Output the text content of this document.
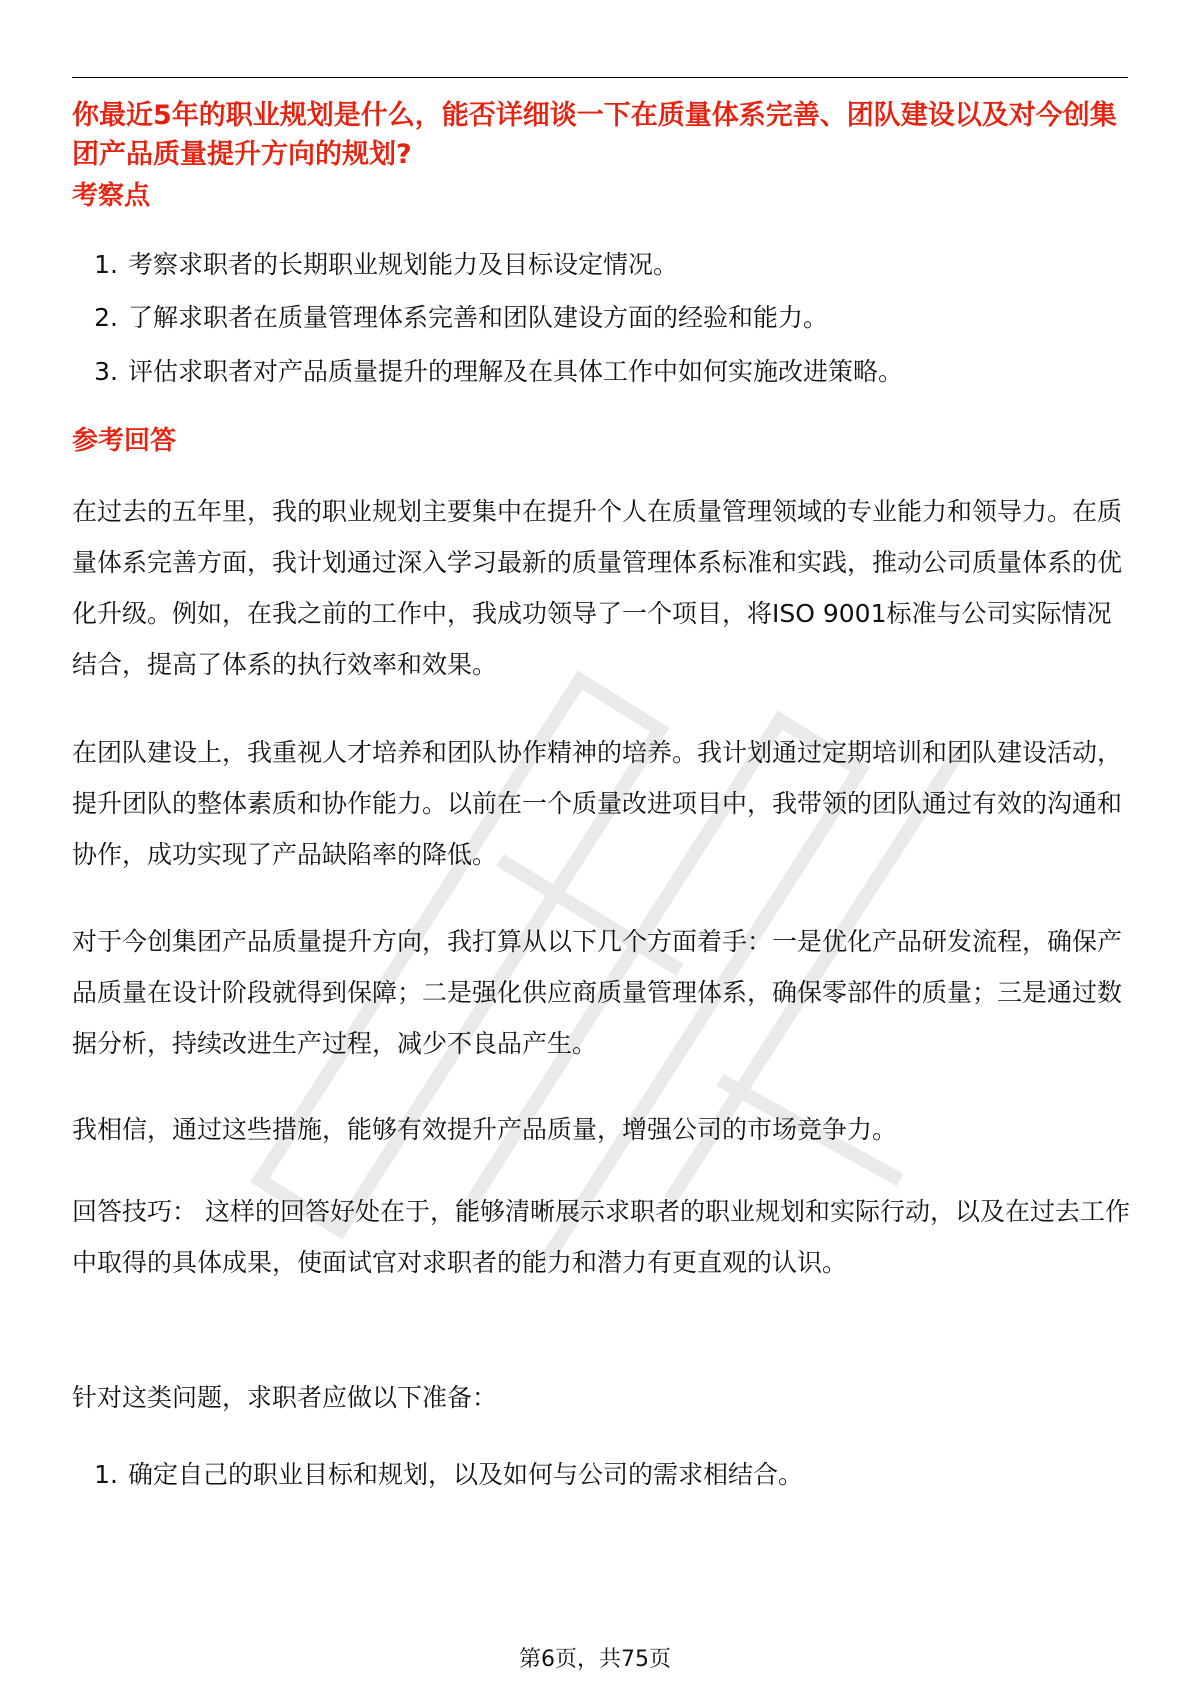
你最近5年的职业规划是什么，能否详细谈一下在质量体系完善、团队建设以及对今创集团产品质量提升方向的规划?
考察点
1. 考察求职者的长期职业规划能力及目标设定情况。
2. 了解求职者在质量管理体系完善和团队建设方面的经验和能力。
3. 评估求职者对产品质量提升的理解及在具体工作中如何实施改进策略。
参考回答
在过去的五年里，我的职业规划主要集中在提升个人在质量管理领域的专业能力和领导力。在质量体系完善方面，我计划通过深入学习最新的质量管理体系标准和实践，推动公司质量体系的优化升级。例如，在我之前的工作中，我成功领导了一个项目，将ISO 9001标准与公司实际情况结合，提高了体系的执行效率和效果。
在团队建设上，我重视人才培养和团队协作精神的培养。我计划通过定期培训和团队建设活动，提升团队的整体素质和协作能力。以前在一个质量改进项目中，我带领的团队通过有效的沟通和协作，成功实现了产品缺陷率的降低。
对于今创集团产品质量提升方向，我打算从以下几个方面着手：一是优化产品研发流程，确保产品质量在设计阶段就得到保障；二是强化供应商质量管理体系，确保零部件的质量；三是通过数据分析，持续改进生产过程，减少不良品产生。
我相信，通过这些措施，能够有效提升产品质量，增强公司的市场竞争力。
回答技巧： 这样的回答好处在于，能够清晰展示求职者的职业规划和实际行动，以及在过去工作中取得的具体成果，使面试官对求职者的能力和潜力有更直观的认识。
针对这类问题，求职者应做以下准备：
1. 确定自己的职业目标和规划，以及如何与公司的需求相结合。
第6页，共75页
